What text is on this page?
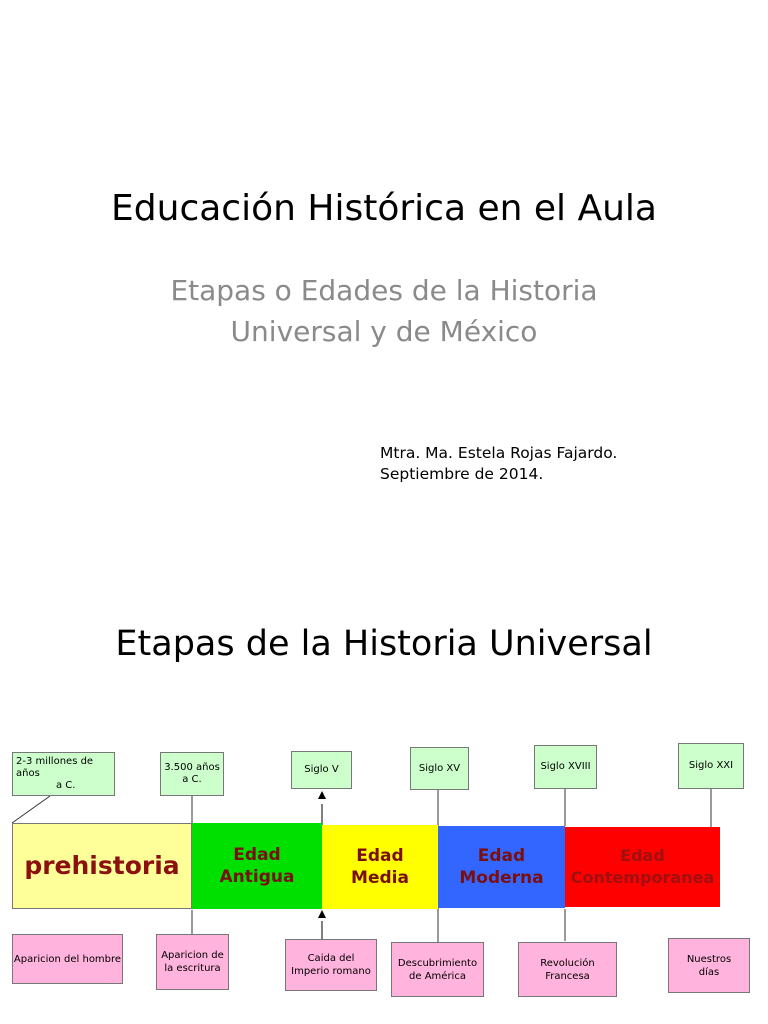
Educación Histórica en el Aula
Etapas o Edades de la Historia
Universal y de México
Mtra. Ma. Estela Rojas Fajardo.
Septiembre de 2014.
Etapas de la Historia Universal
prehistoria	Edad
Antigua
Edad
Media
Edad
Moderna
Edad
Contemporanea
2-3 millones de años
a C.
3.500 años
a C.
Siglo V	Siglo XV	Siglo XVIII	Siglo XXI
Aparicion del hombre	Aparicion de
la escritura
Caida del
Imperio romano
Descubrimiento
de América
Revolución
Francesa
Nuestros
días
